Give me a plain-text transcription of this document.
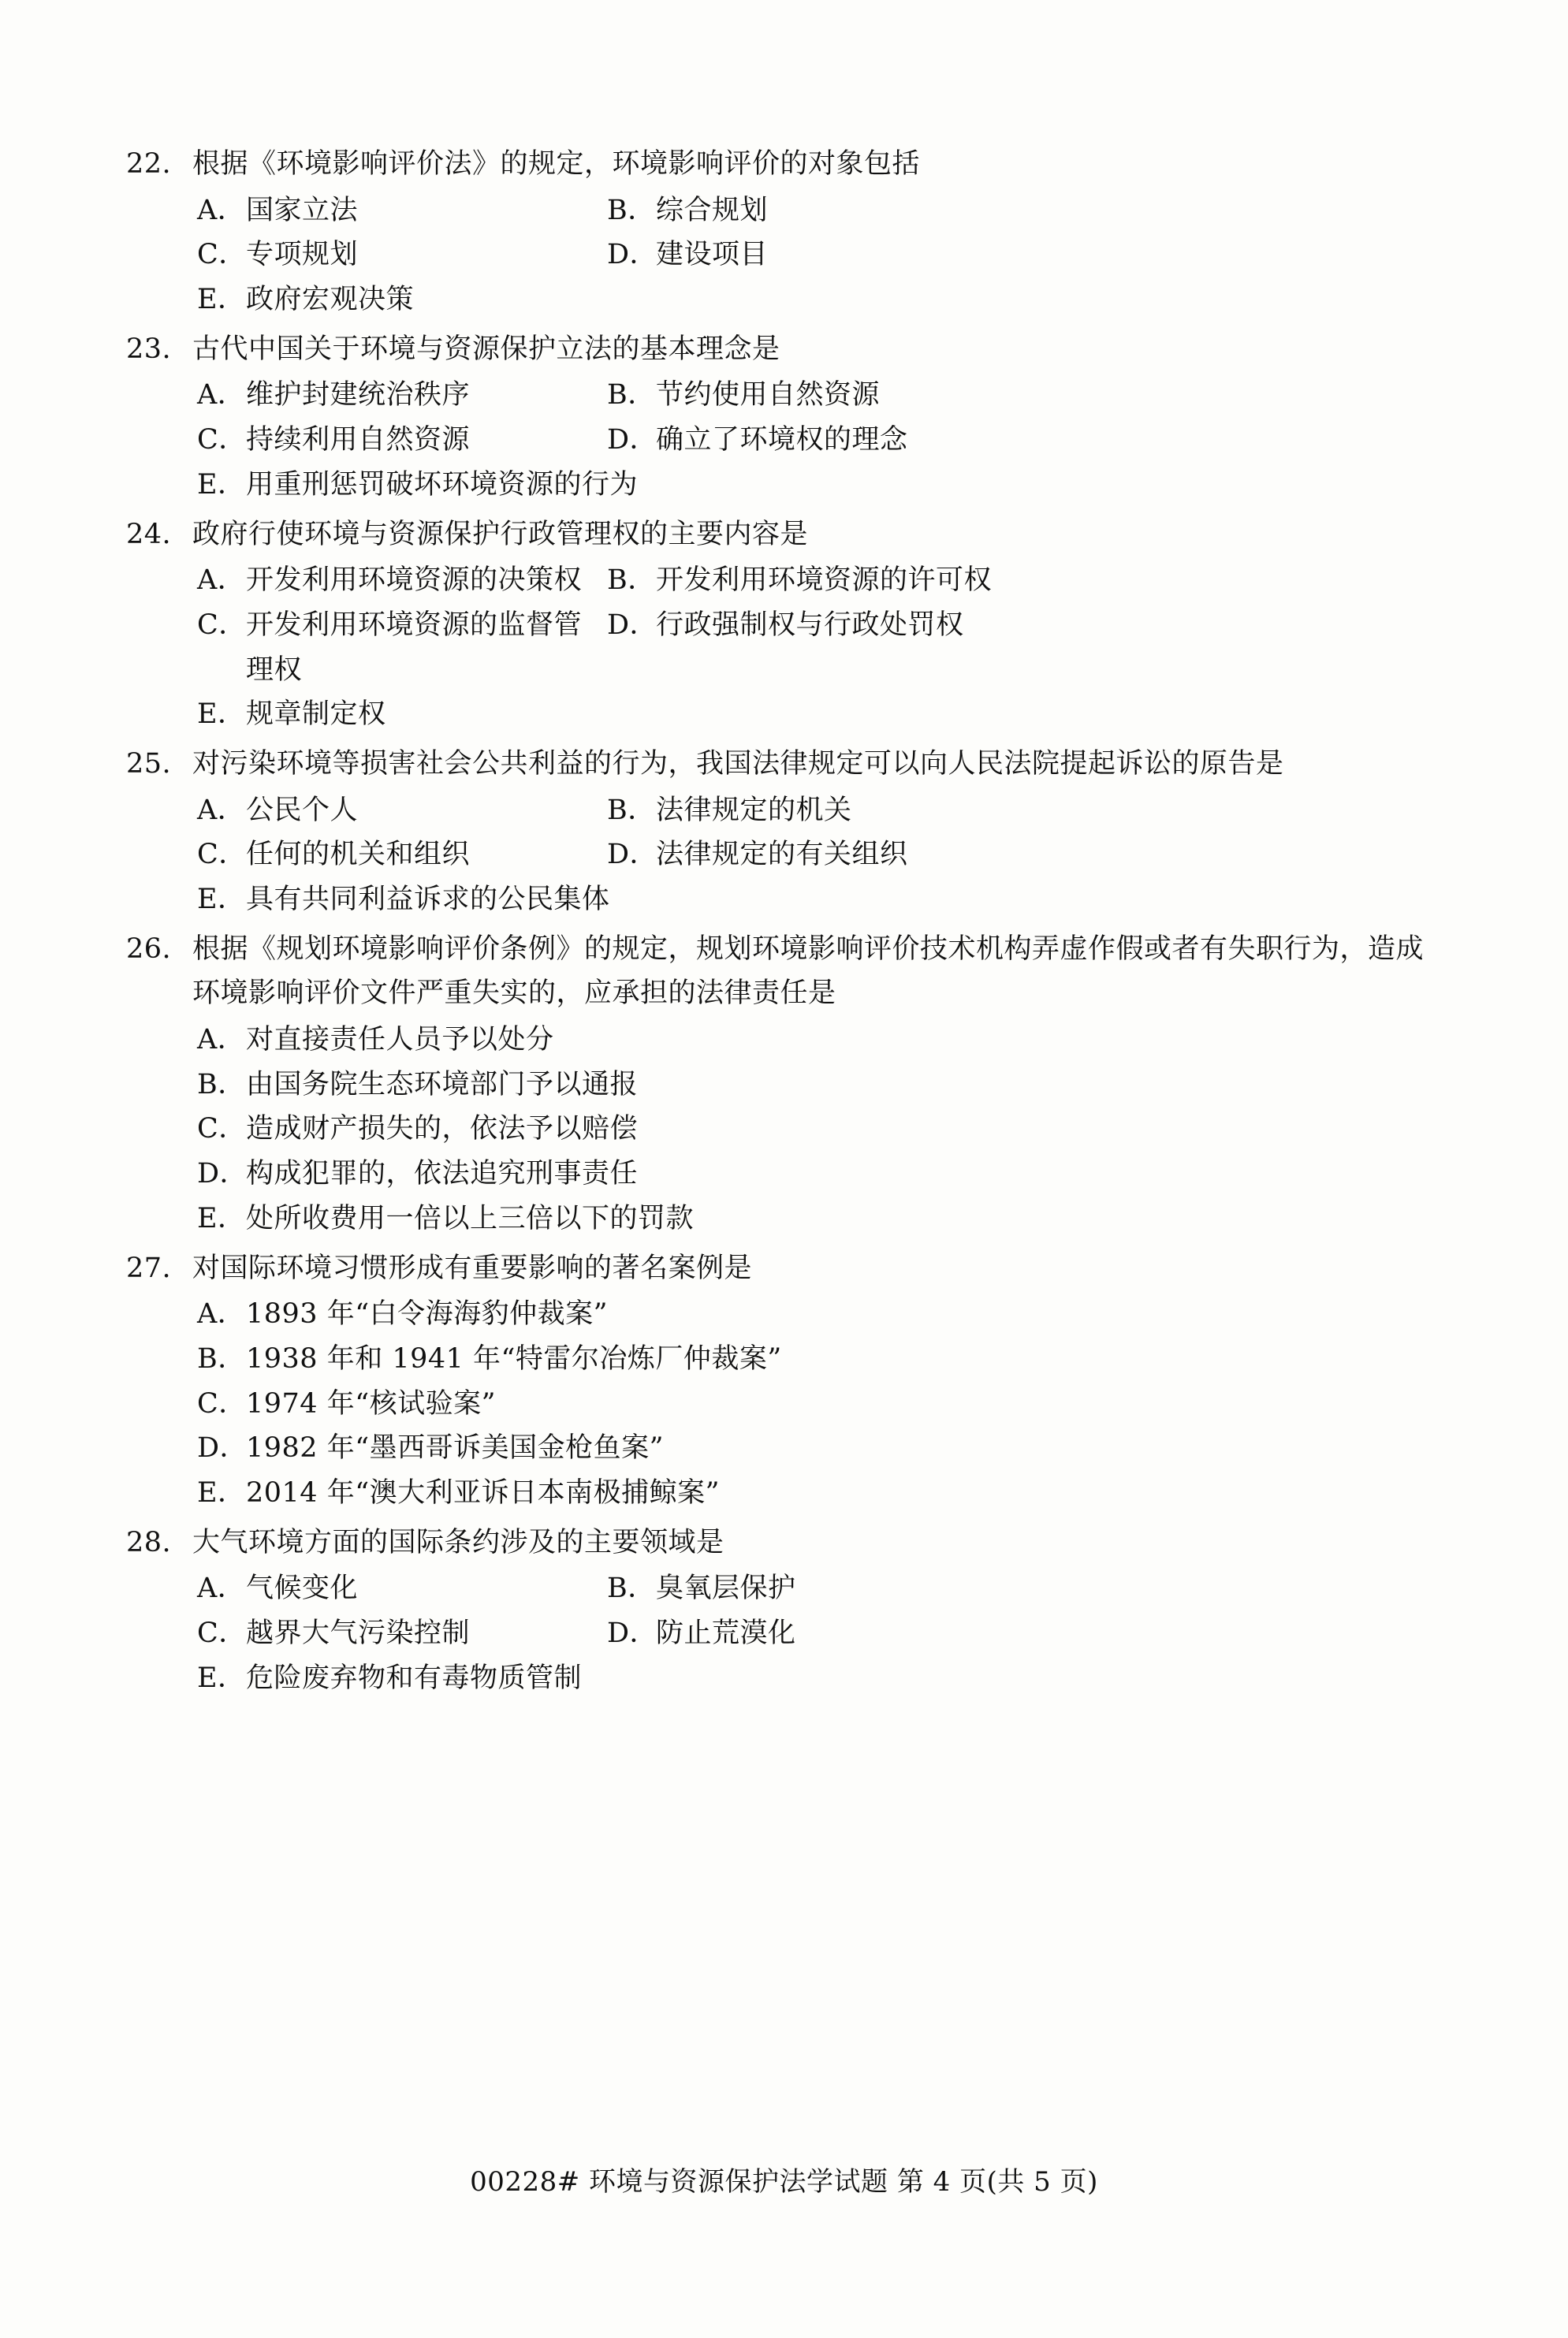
22. 根据《环境影响评价法》的规定，环境影响评价的对象包括
A． 国家立法	B． 综合规划
C． 专项规划	D．
建设项目
E． 政府宏观决策
23. 古代中国关于环境与资源保护立法的基本理念是
A． 维护封建统治秩序	B． 节约使用自然资源
C． 持续利用自然资源	D．
确立了环境权的理念
E． 用重刑惩罚破坏环境资源的行为
24. 政府行使环境与资源保护行政管理权的主要内容是
A． 开发利用环境资源的决策权 B． 开发利用环境资源的许可权
C． 开发利用环境资源的监督管理权
D．
行政强制权与行政处罚权
E． 规章制定权
25. 对污染环境等损害社会公共利益的行为，我国法律规定可以向人民法院提起诉讼的原告是
A． 公民个人	B． 法律规定的机关
C． 任何的机关和组织	D．
法律规定的有关组织
E． 具有共同利益诉求的公民集体
26. 根据《规划环境影响评价条例》的规定，规划环境影响评价技术机构弄虚作假或者有失职行为，造成环境影响评价文件严重失实的，应承担的法律责任是
A． 对直接责任人员予以处分
B． 由国务院生态环境部门予以通报
C． 造成财产损失的，依法予以赔偿
D．
构成犯罪的，依法追究刑事责任
E． 处所收费用一倍以上三倍以下的罚款
27. 对国际环境习惯形成有重要影响的著名案例是
A． 1893 年“白令海海豹仲裁案”
B． 1938 年和 1941 年“特雷尔冶炼厂仲裁案”
C． 1974 年“核试验案”
D．
1982 年“墨西哥诉美国金枪鱼案”
E． 2014 年“澳大利亚诉日本南极捕鲸案”
28. 大气环境方面的国际条约涉及的主要领域是
A． 气候变化	B． 臭氧层保护
C． 越界大气污染控制	D．
防止荒漠化
E． 危险废弃物和有毒物质管制
00228# 环境与资源保护法学试题 第 4 页(共 5 页)
